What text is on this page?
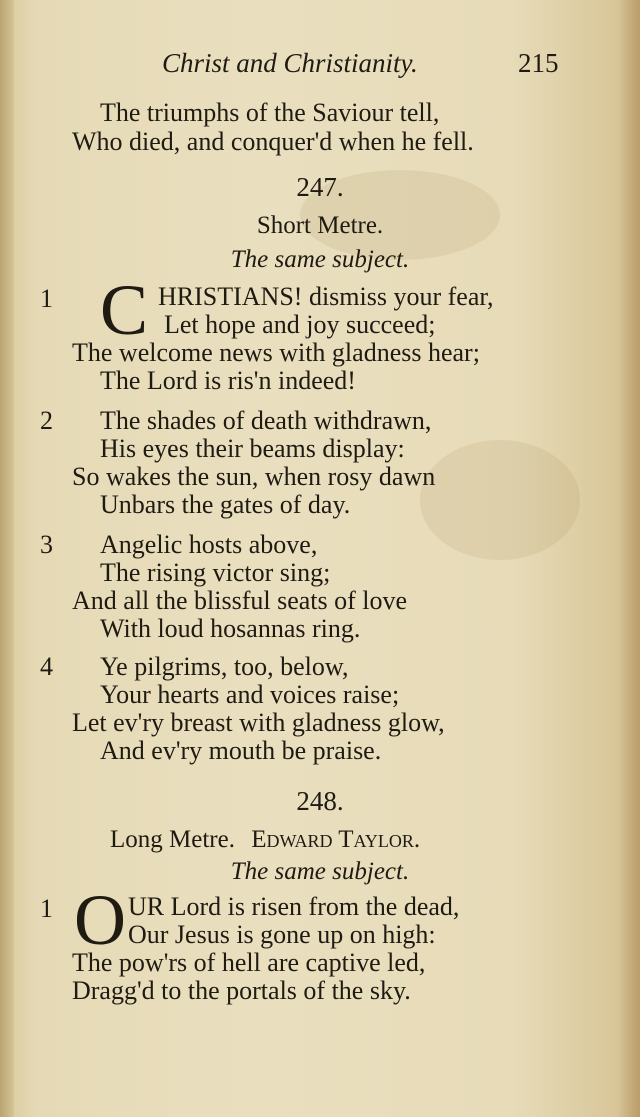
Christ and Christianity.	215
The triumphs of the Saviour tell,
Who died, and conquer'd when he fell.
247.
Short Metre.
The same subject.
1 C HRISTIANS! dismiss your fear,
Let hope and joy succeed;
The welcome news with gladness hear;
The Lord is ris'n indeed!
2 The shades of death withdrawn,
His eyes their beams display:
So wakes the sun, when rosy dawn
Unbars the gates of day.
3 Angelic hosts above,
The rising victor sing;
And all the blissful seats of love
With loud hosannas ring.
4 Ye pilgrims, too, below,
Your hearts and voices raise;
Let ev'ry breast with gladness glow,
And ev'ry mouth be praise.
248.
Long Metre. Edward Taylor.
The same subject.
1 O UR Lord is risen from the dead,
Our Jesus is gone up on high:
The pow'rs of hell are captive led,
Dragg'd to the portals of the sky.
